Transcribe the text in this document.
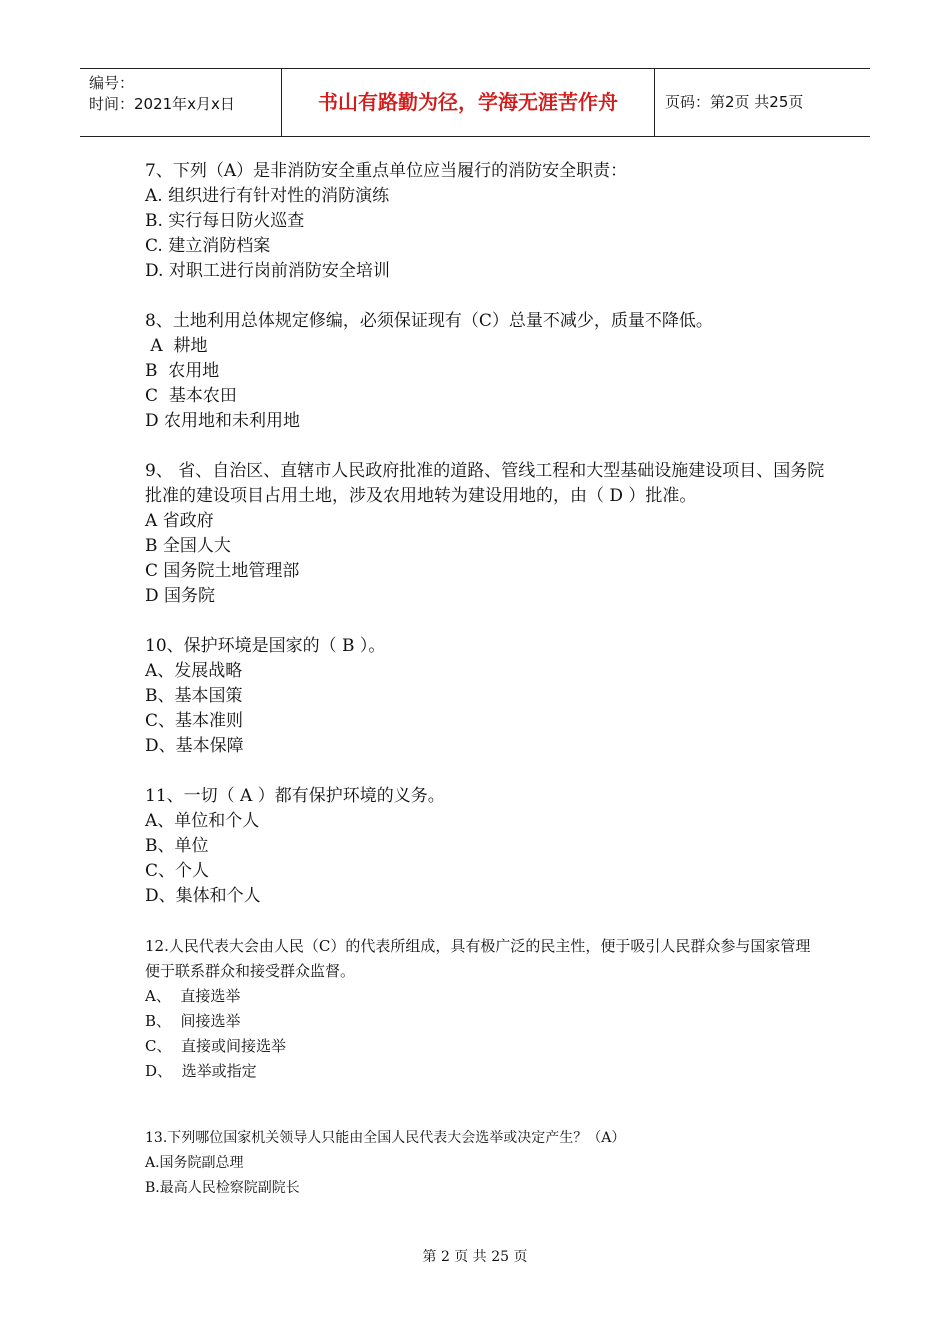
编号：
时间：2021年x月x日	书山有路勤为径，学海无涯苦作舟	页码：第2页 共25页
7、下列（A）是非消防安全重点单位应当履行的消防安全职责：
A. 组织进行有针对性的消防演练
B. 实行每日防火巡查
C. 建立消防档案
D. 对职工进行岗前消防安全培训
8、土地利用总体规定修编，必须保证现有（C）总量不减少，质量不降低。
A  耕地
B  农用地
C  基本农田
D 农用地和未利用地
9、 省、自治区、直辖市人民政府批准的道路、管线工程和大型基础设施建设项目、国务院批准的建设项目占用土地，涉及农用地转为建设用地的，由（ D ）批准。
A 省政府
B 全国人大
C 国务院土地管理部
D 国务院
10、保护环境是国家的（ B ）。
A、发展战略
B、基本国策
C、基本准则
D、基本保障
11、一切（ A ）都有保护环境的义务。
A、单位和个人
B、单位
C、个人
D、集体和个人
12.人民代表大会由人民（C）的代表所组成，具有极广泛的民主性，便于吸引人民群众参与国家管理便于联系群众和接受群众监督。
A、  直接选举
B、  间接选举
C、  直接或间接选举
D、  选举或指定
13.下列哪位国家机关领导人只能由全国人民代表大会选举或决定产生？（A）
A.国务院副总理
B.最高人民检察院副院长
第 2 页 共 25 页
